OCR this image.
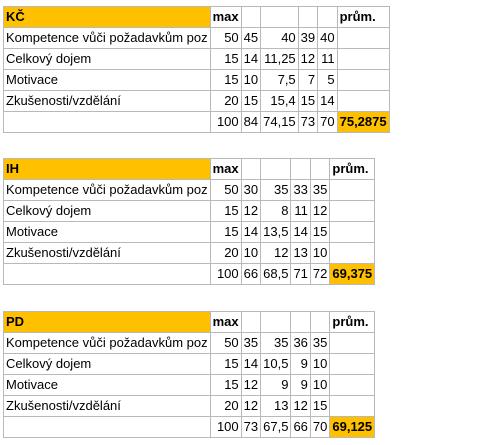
KČ	max					prům.
Kompetence vůči požadavkům poz	50	45	40	39	40	
Celkový dojem	15	14	11,25	12	11	
Motivace	15	10	7,5	7	5	
Zkušenosti/vzdělání	20	15	15,4	15	14	
	100	84	74,15	73	70	75,2875
IH	max					prům.
Kompetence vůči požadavkům poz	50	30	35	33	35	
Celkový dojem	15	12	8	11	12	
Motivace	15	14	13,5	14	15	
Zkušenosti/vzdělání	20	10	12	13	10	
	100	66	68,5	71	72	69,375
PD	max					prům.
Kompetence vůči požadavkům poz	50	35	35	36	35	
Celkový dojem	15	14	10,5	9	10	
Motivace	15	12	9	9	10	
Zkušenosti/vzdělání	20	12	13	12	15	
	100	73	67,5	66	70	69,125
